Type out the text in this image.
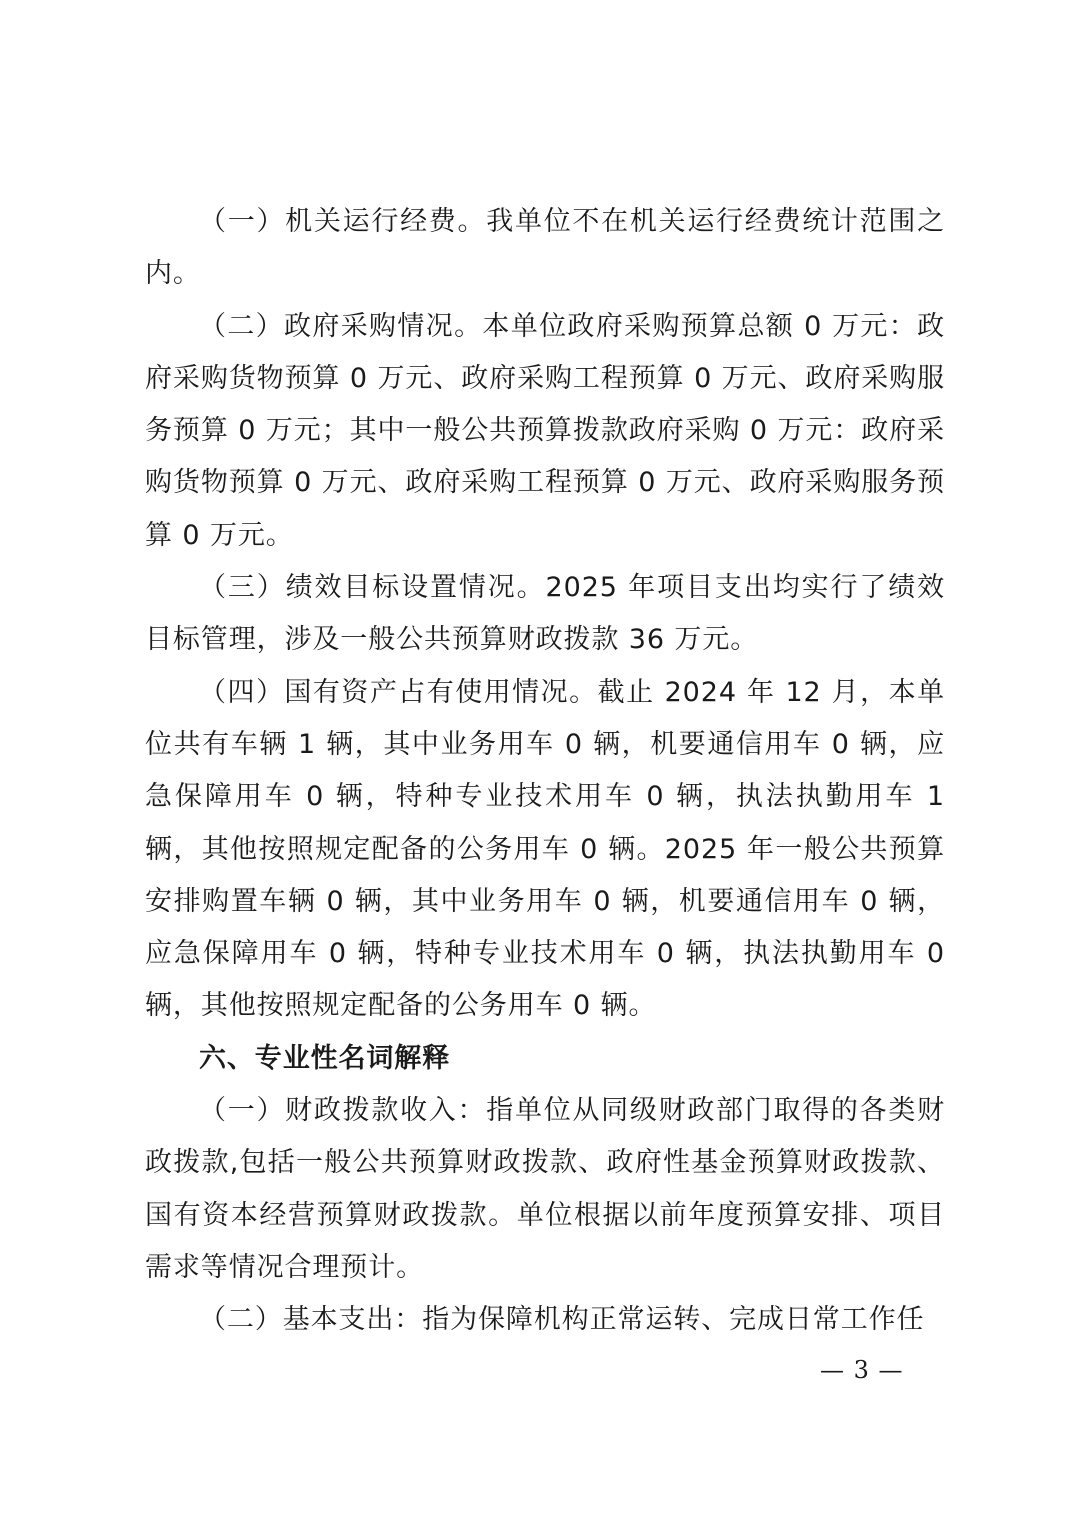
（一）机关运行经费。我单位不在机关运行经费统计范围之内。

（二）政府采购情况。本单位政府采购预算总额 0 万元：政府采购货物预算 0 万元、政府采购工程预算 0 万元、政府采购服务预算 0 万元；其中一般公共预算拨款政府采购 0 万元：政府采购货物预算 0 万元、政府采购工程预算 0 万元、政府采购服务预算 0 万元。

（三）绩效目标设置情况。2025 年项目支出均实行了绩效目标管理，涉及一般公共预算财政拨款 36 万元。

（四）国有资产占有使用情况。截止 2024 年 12 月，本单位共有车辆 1 辆，其中业务用车 0 辆，机要通信用车 0 辆，应急保障用车 0 辆，特种专业技术用车 0 辆，执法执勤用车 1 辆，其他按照规定配备的公务用车 0 辆。2025 年一般公共预算安排购置车辆 0 辆，其中业务用车 0 辆，机要通信用车 0 辆，应急保障用车 0 辆，特种专业技术用车 0 辆，执法执勤用车 0 辆，其他按照规定配备的公务用车 0 辆。

六、专业性名词解释

（一）财政拨款收入：指单位从同级财政部门取得的各类财政拨款,包括一般公共预算财政拨款、政府性基金预算财政拨款、国有资本经营预算财政拨款。单位根据以前年度预算安排、项目需求等情况合理预计。

（二）基本支出：指为保障机构正常运转、完成日常工作任

— 3 —
